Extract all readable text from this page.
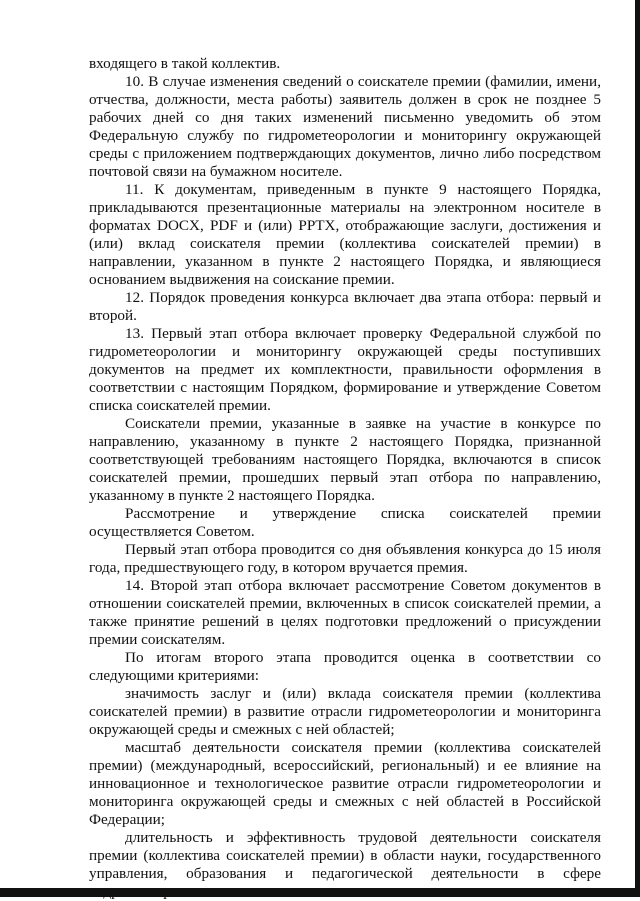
входящего в такой коллектив.

10. В случае изменения сведений о соискателе премии (фамилии, имени, отчества, должности, места работы) заявитель должен в срок не позднее 5 рабочих дней со дня таких изменений письменно уведомить об этом Федеральную службу по гидрометеорологии и мониторингу окружающей среды с приложением подтверждающих документов, лично либо посредством почтовой связи на бумажном носителе.

11. К документам, приведенным в пункте 9 настоящего Порядка, прикладываются презентационные материалы на электронном носителе в форматах DOCX, PDF и (или) PPTX, отображающие заслуги, достижения и (или) вклад соискателя премии (коллектива соискателей премии) в направлении, указанном в пункте 2 настоящего Порядка, и являющиеся основанием выдвижения на соискание премии.

12. Порядок проведения конкурса включает два этапа отбора: первый и второй.

13. Первый этап отбора включает проверку Федеральной службой по гидрометеорологии и мониторингу окружающей среды поступивших документов на предмет их комплектности, правильности оформления в соответствии с настоящим Порядком, формирование и утверждение Советом списка соискателей премии.

Соискатели премии, указанные в заявке на участие в конкурсе по направлению, указанному в пункте 2 настоящего Порядка, признанной соответствующей требованиям настоящего Порядка, включаются в список соискателей премии, прошедших первый этап отбора по направлению, указанному в пункте 2 настоящего Порядка.

Рассмотрение и утверждение списка соискателей премии осуществляется Советом.

Первый этап отбора проводится со дня объявления конкурса до 15 июля года, предшествующего году, в котором вручается премия.

14. Второй этап отбора включает рассмотрение Советом документов в отношении соискателей премии, включенных в список соискателей премии, а также принятие решений в целях подготовки предложений о присуждении премии соискателям.

По итогам второго этапа проводится оценка в соответствии со следующими критериями:

значимость заслуг и (или) вклада соискателя премии (коллектива соискателей премии) в развитие отрасли гидрометеорологии и мониторинга окружающей среды и смежных с ней областей;

масштаб деятельности соискателя премии (коллектива соискателей премии) (международный, всероссийский, региональный) и ее влияние на инновационное и технологическое развитие отрасли гидрометеорологии и мониторинга окружающей среды и смежных с ней областей в Российской Федерации;

длительность и эффективность трудовой деятельности соискателя премии (коллектива соискателей премии) в области науки, государственного управления, образования и педагогической деятельности в сфере
